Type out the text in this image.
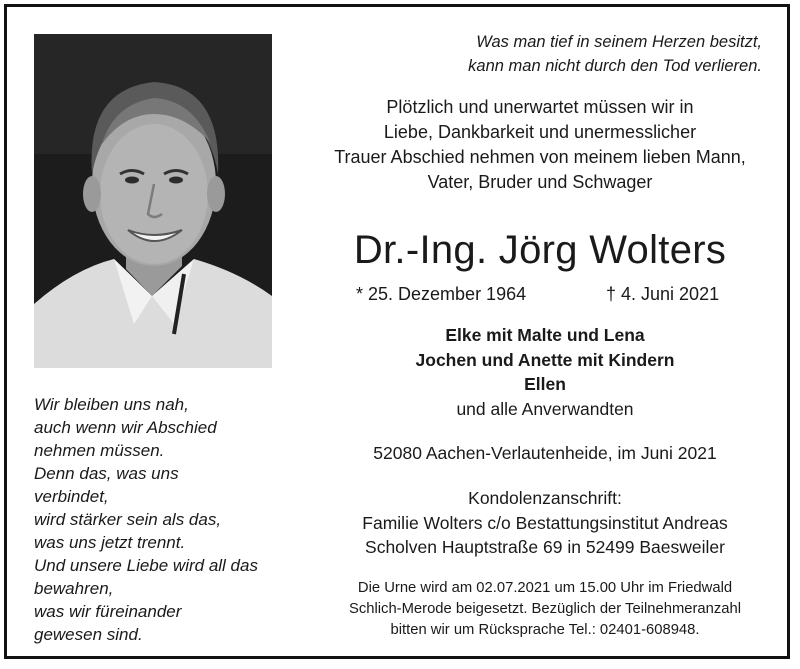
Was man tief in seinem Herzen besitzt,
kann man nicht durch den Tod verlieren.
Plötzlich und unerwartet müssen wir in
Liebe, Dankbarkeit und unermesslicher
Trauer Abschied nehmen von meinem lieben Mann,
Vater, Bruder und Schwager
Dr.-Ing. Jörg Wolters
* 25. Dezember 1964	† 4. Juni 2021
Elke mit Malte und Lena
Jochen und Anette mit Kindern
Ellen
und alle Anverwandten
52080 Aachen-Verlautenheide, im Juni 2021
Kondolenzanschrift:
Familie Wolters c/o Bestattungsinstitut Andreas
Scholven Hauptstraße 69 in 52499 Baesweiler
Die Urne wird am 02.07.2021 um 15.00 Uhr im Friedwald
Schlich-Merode beigesetzt. Bezüglich der Teilnehmeranzahl
bitten wir um Rücksprache Tel.: 02401-608948.
Wir bleiben uns nah,
auch wenn wir Abschied
nehmen müssen.
Denn das, was uns
verbindet,
wird stärker sein als das,
was uns jetzt trennt.
Und unsere Liebe wird all das
bewahren,
was wir füreinander
gewesen sind.
